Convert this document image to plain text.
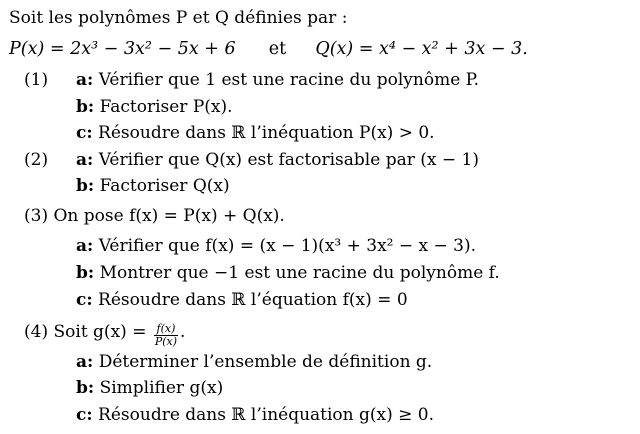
Soit les polynômes P et Q définies par :
P(x) = 2x³ − 3x² − 5x + 6 et Q(x) = x⁴ − x² + 3x − 3.
(1) a: Vérifier que 1 est une racine du polynôme P.
b: Factoriser P(x).
c: Résoudre dans ℝ l’inéquation P(x) > 0.
(2) a: Vérifier que Q(x) est factorisable par (x − 1)
b: Factoriser Q(x)
(3) On pose f(x) = P(x) + Q(x).
a: Vérifier que f(x) = (x − 1)(x³ + 3x² − x − 3).
b: Montrer que −1 est une racine du polynôme f.
c: Résoudre dans ℝ l’équation f(x) = 0
(4) Soit $g(x) = \frac{f(x)}{P(x)}$ .
a: Déterminer l’ensemble de définition g.
b: Simplifier g(x)
c: Résoudre dans ℝ l’inéquation g(x) ≥ 0.
